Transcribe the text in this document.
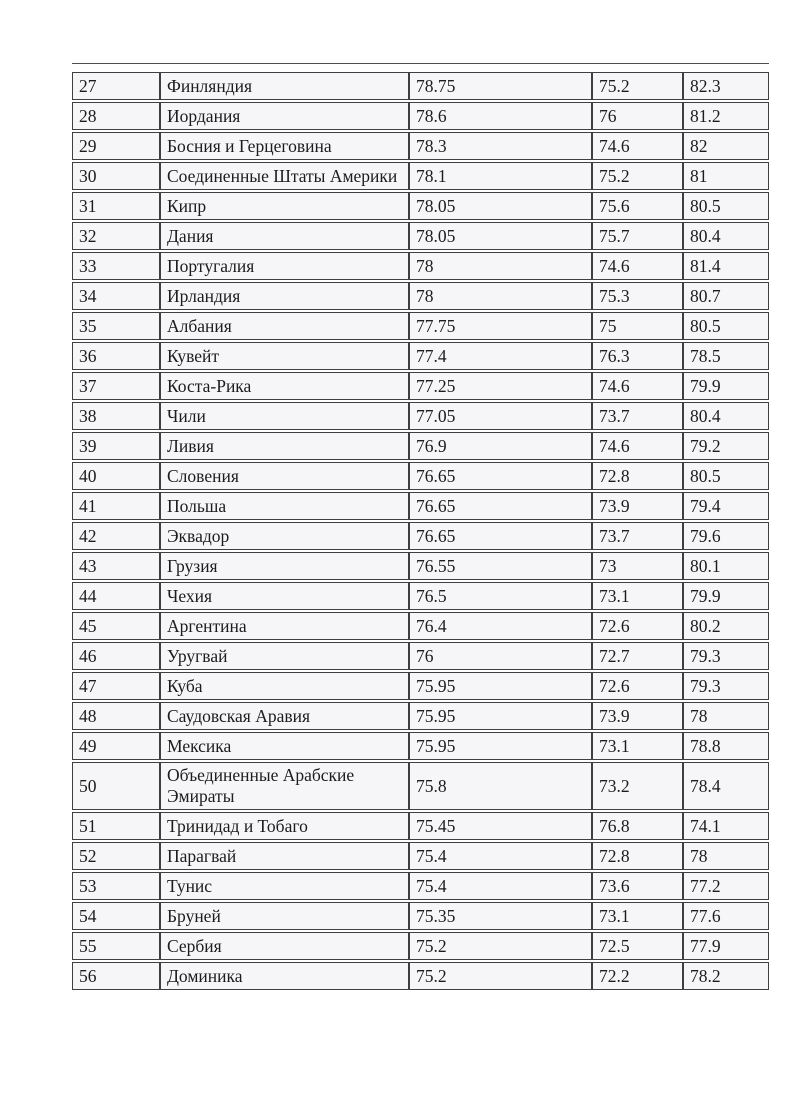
27	Финляндия	78.75	75.2	82.3
28	Иордания	78.6	76	81.2
29	Босния и Герцеговина	78.3	74.6	82
30	Соединенные Штаты Америки	78.1	75.2	81
31	Кипр	78.05	75.6	80.5
32	Дания	78.05	75.7	80.4
33	Португалия	78	74.6	81.4
34	Ирландия	78	75.3	80.7
35	Албания	77.75	75	80.5
36	Кувейт	77.4	76.3	78.5
37	Коста-Рика	77.25	74.6	79.9
38	Чили	77.05	73.7	80.4
39	Ливия	76.9	74.6	79.2
40	Словения	76.65	72.8	80.5
41	Польша	76.65	73.9	79.4
42	Эквадор	76.65	73.7	79.6
43	Грузия	76.55	73	80.1
44	Чехия	76.5	73.1	79.9
45	Аргентина	76.4	72.6	80.2
46	Уругвай	76	72.7	79.3
47	Куба	75.95	72.6	79.3
48	Саудовская Аравия	75.95	73.9	78
49	Мексика	75.95	73.1	78.8
50	Объединенные Арабские Эмираты	75.8	73.2	78.4
51	Тринидад и Тобаго	75.45	76.8	74.1
52	Парагвай	75.4	72.8	78
53	Тунис	75.4	73.6	77.2
54	Бруней	75.35	73.1	77.6
55	Сербия	75.2	72.5	77.9
56	Доминика	75.2	72.2	78.2
